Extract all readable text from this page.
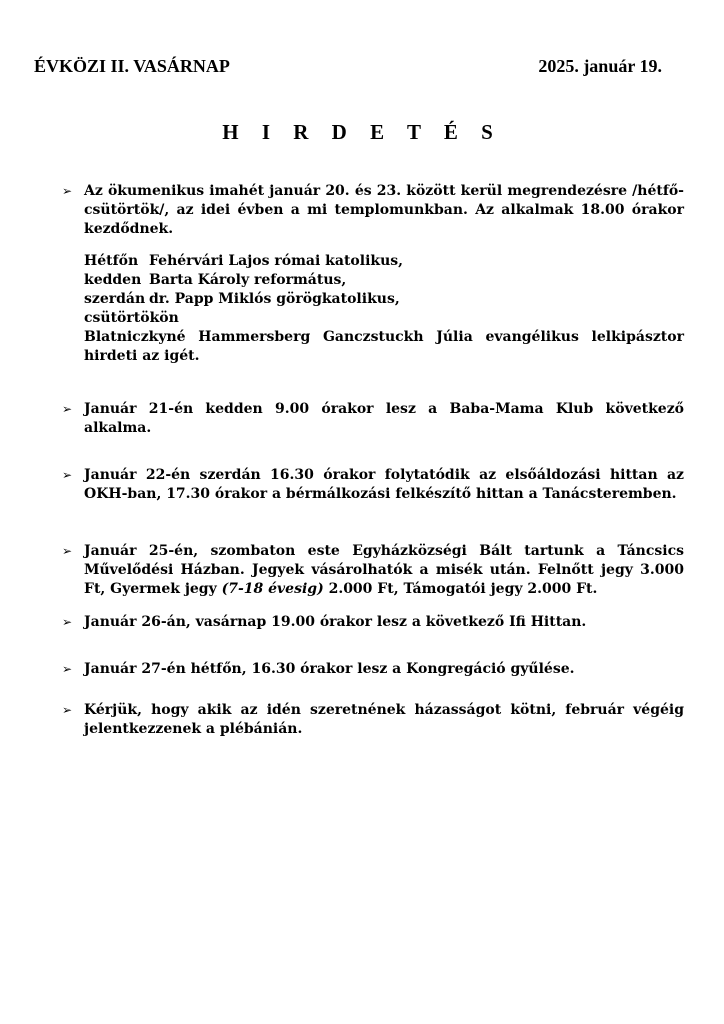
ÉVKÖZI II. VASÁRNAP	2025. január 19.
H I R D E T É S
➢ Az ökumenikus imahét január 20. és 23. között kerül megrendezésre /hétfő-csütörtök/, az idei évben a mi templomunkban. Az alkalmak 18.00 órakor kezdődnek.
Hétfőn Fehérvári Lajos római katolikus,
kedden Barta Károly református,
szerdán dr. Papp Miklós görögkatolikus,
csütörtökön
Blatniczkyné Hammersberg Ganczstuckh Júlia evangélikus lelkipásztor hirdeti az igét.
➢ Január 21-én kedden 9.00 órakor lesz a Baba-Mama Klub következő alkalma.
➢ Január 22-én szerdán 16.30 órakor folytatódik az elsőáldozási hittan az OKH-ban, 17.30 órakor a bérmálkozási felkészítő hittan a Tanácsteremben.
➢ Január 25-én, szombaton este Egyházközségi Bált tartunk a Táncsics Művelődési Házban. Jegyek vásárolhatók a misék után. Felnőtt jegy 3.000 Ft, Gyermek jegy (7-18 évesig) 2.000 Ft, Támogatói jegy 2.000 Ft.
➢ Január 26-án, vasárnap 19.00 órakor lesz a következő Ifi Hittan.
➢ Január 27-én hétfőn, 16.30 órakor lesz a Kongregáció gyűlése.
➢ Kérjük, hogy akik az idén szeretnének házasságot kötni, február végéig jelentkezzenek a plébánián.
